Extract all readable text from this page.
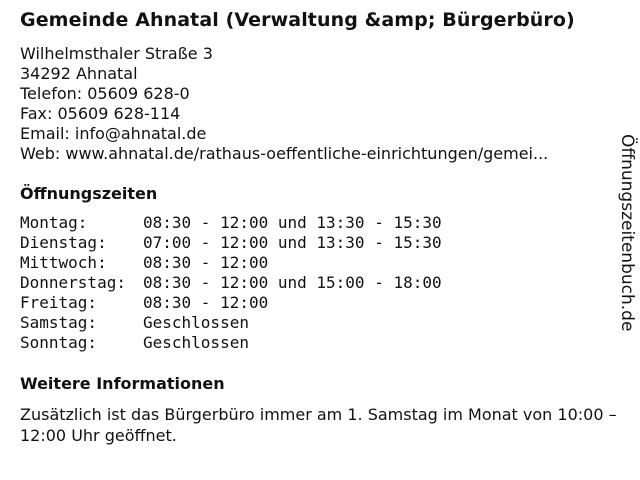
Gemeinde Ahnatal (Verwaltung &amp; Bürgerbüro)
Wilhelmsthaler Straße 3
34292 Ahnatal
Telefon: 05609 628-0
Fax: 05609 628-114
Email: info@ahnatal.de
Web: www.ahnatal.de/rathaus-oeffentliche-einrichtungen/gemei...
Öffnungszeiten
Montag:	08:30 - 12:00 und 13:30 - 15:30
Dienstag: 07:00 - 12:00 und 13:30 - 15:30
Mittwoch: 08:30 - 12:00
Donnerstag: 08:30 - 12:00 und 15:00 - 18:00
Freitag:	08:30 - 12:00
Samstag:	Geschlossen
Sonntag:	Geschlossen
Weitere Informationen
Zusätzlich ist das Bürgerbüro immer am 1. Samstag im Monat von 10:00 – 12:00 Uhr geöffnet.
Öffnungszeitenbuch.de
